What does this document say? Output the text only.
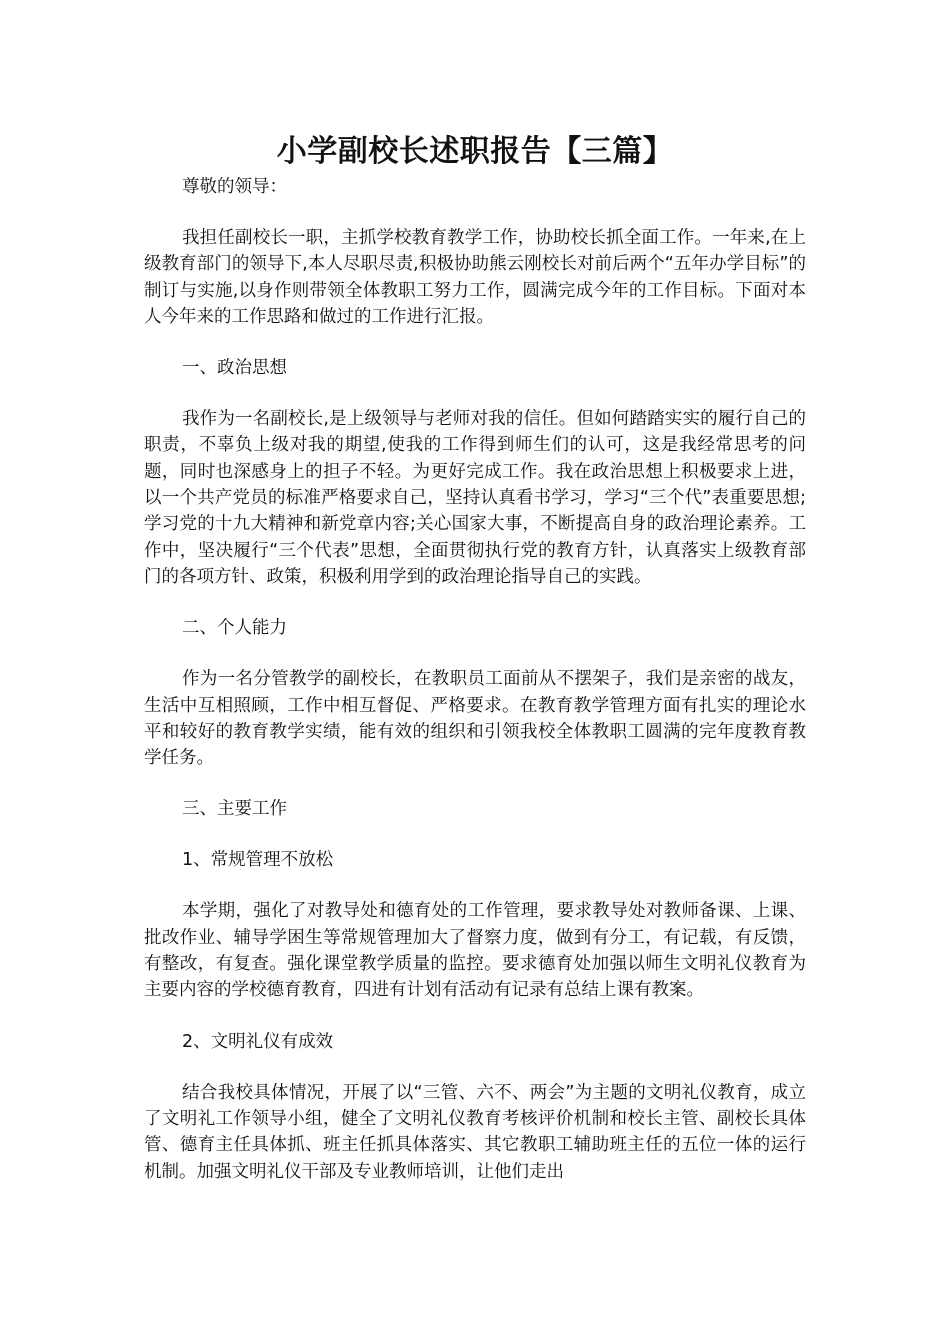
小学副校长述职报告【三篇】

尊敬的领导：

我担任副校长一职，主抓学校教育教学工作，协助校长抓全面工作。一年来,在上级教育部门的领导下,本人尽职尽责,积极协助熊云刚校长对前后两个“五年办学目标”的制订与实施,以身作则带领全体教职工努力工作，圆满完成今年的工作目标。下面对本人今年来的工作思路和做过的工作进行汇报。

一、政治思想

我作为一名副校长,是上级领导与老师对我的信任。但如何踏踏实实的履行自己的职责，不辜负上级对我的期望,使我的工作得到师生们的认可，这是我经常思考的问题，同时也深感身上的担子不轻。为更好完成工作。我在政治思想上积极要求上进，以一个共产党员的标准严格要求自己，坚持认真看书学习，学习“三个代”表重要思想;学习党的十九大精神和新党章内容;关心国家大事，不断提高自身的政治理论素养。工作中，坚决履行“三个代表”思想，全面贯彻执行党的教育方针，认真落实上级教育部门的各项方针、政策，积极利用学到的政治理论指导自己的实践。

二、个人能力

作为一名分管教学的副校长，在教职员工面前从不摆架子，我们是亲密的战友，生活中互相照顾，工作中相互督促、严格要求。在教育教学管理方面有扎实的理论水平和较好的教育教学实绩，能有效的组织和引领我校全体教职工圆满的完年度教育教学任务。

三、主要工作

1、常规管理不放松

本学期，强化了对教导处和德育处的工作管理，要求教导处对教师备课、上课、批改作业、辅导学困生等常规管理加大了督察力度，做到有分工，有记载，有反馈，有整改，有复查。强化课堂教学质量的监控。要求德育处加强以师生文明礼仪教育为主要内容的学校德育教育，四进有计划有活动有记录有总结上课有教案。

2、文明礼仪有成效

结合我校具体情况，开展了以“三管、六不、两会”为主题的文明礼仪教育，成立了文明礼工作领导小组，健全了文明礼仪教育考核评价机制和校长主管、副校长具体管、德育主任具体抓、班主任抓具体落实、其它教职工辅助班主任的五位一体的运行机制。加强文明礼仪干部及专业教师培训，让他们走出
